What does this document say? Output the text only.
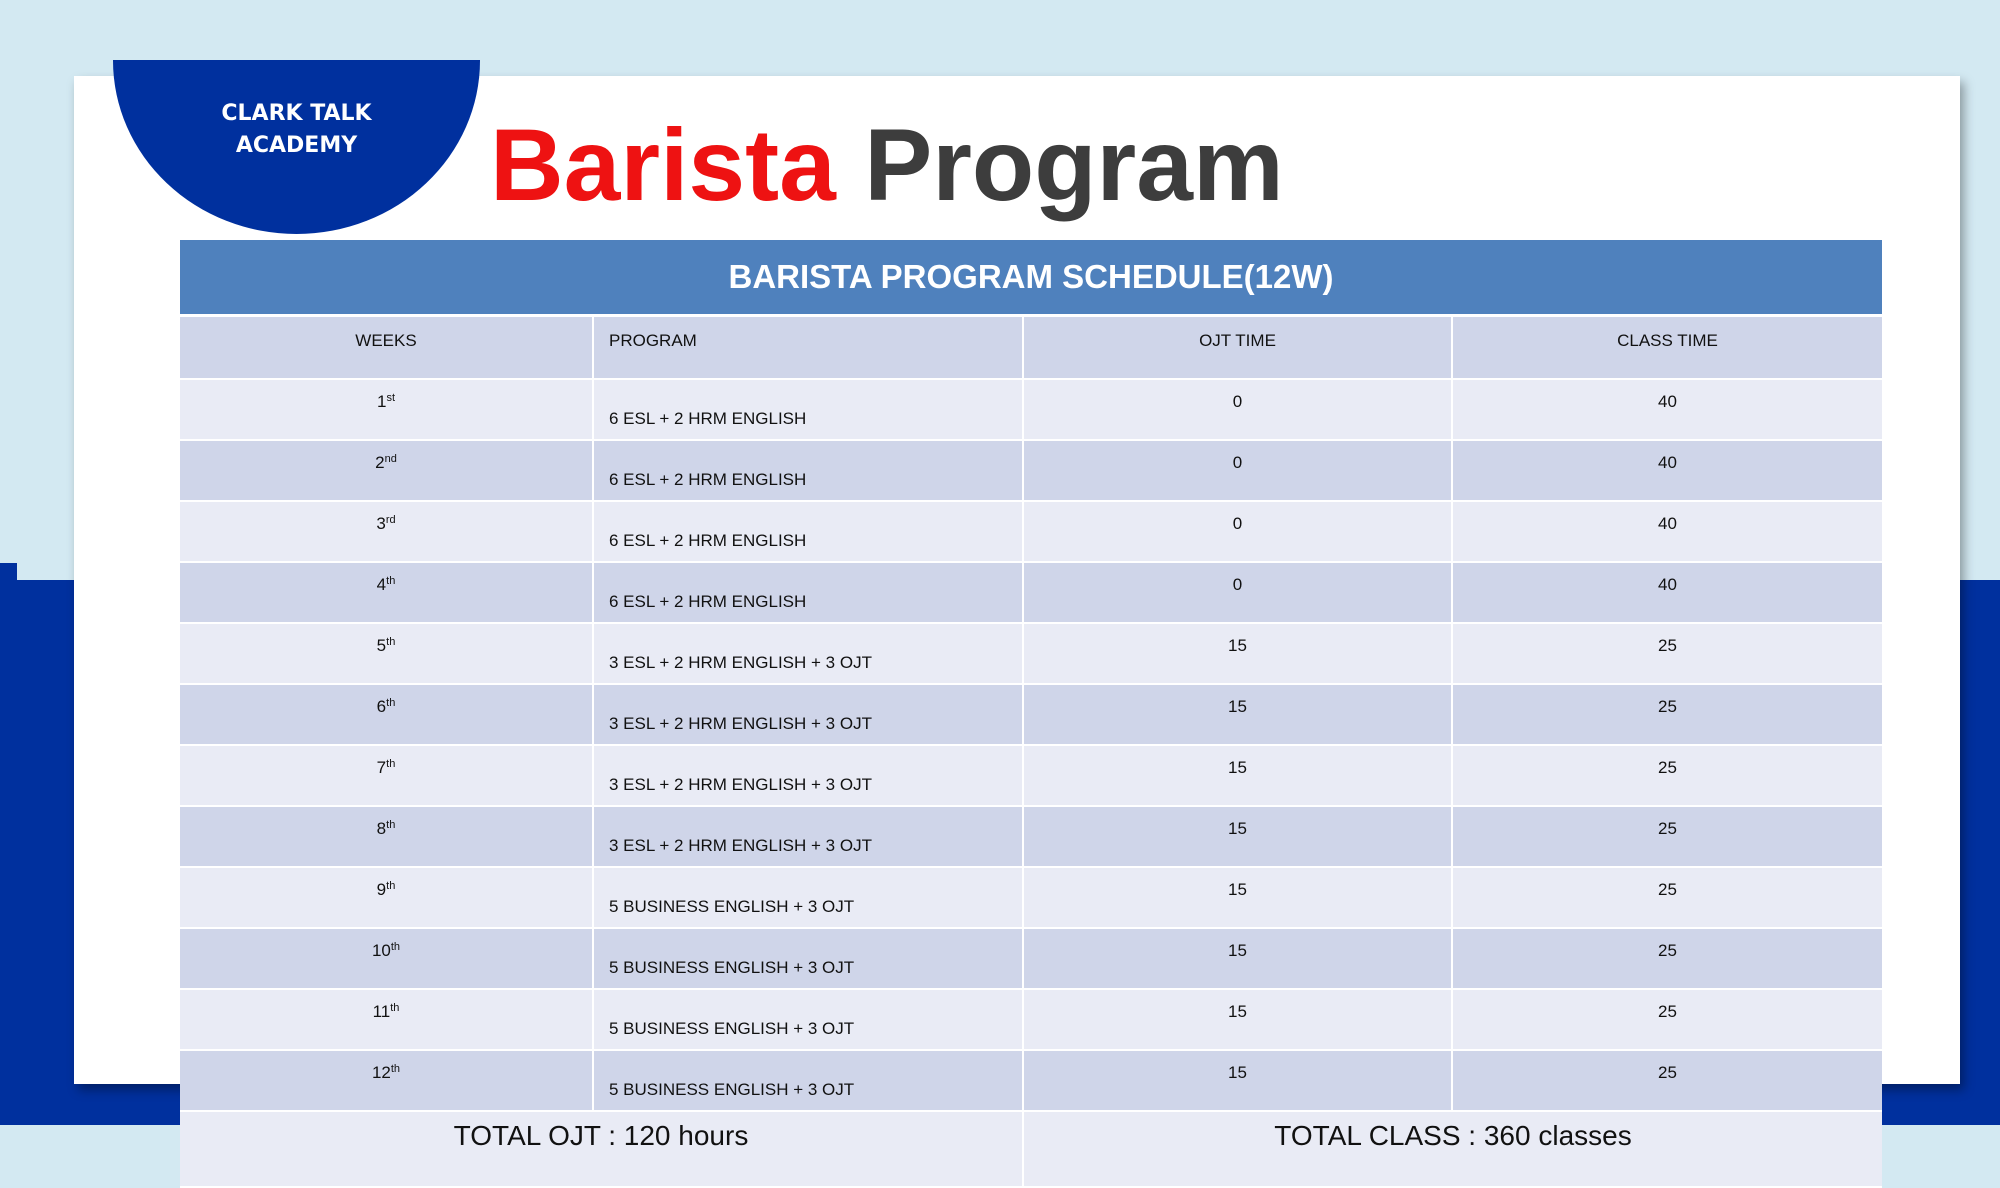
CLARK TALK
ACADEMY	Barista Program
BARISTA PROGRAM SCHEDULE(12W)			
WEEKS	PROGRAM	OJT TIME	CLASS TIME
1st	6 ESL + 2 HRM ENGLISH	0	40
2nd	6 ESL + 2 HRM ENGLISH	0	40
3rd	6 ESL + 2 HRM ENGLISH	0	40
4th	6 ESL + 2 HRM ENGLISH	0	40
5th	3 ESL + 2 HRM ENGLISH + 3 OJT	15	25
6th	3 ESL + 2 HRM ENGLISH + 3 OJT	15	25
7th	3 ESL + 2 HRM ENGLISH + 3 OJT	15	25
8th	3 ESL + 2 HRM ENGLISH + 3 OJT	15	25
9th	5 BUSINESS ENGLISH + 3 OJT	15	25
10th	5 BUSINESS ENGLISH + 3 OJT	15	25
11th	5 BUSINESS ENGLISH + 3 OJT	15	25
12th	5 BUSINESS ENGLISH + 3 OJT	15	25
TOTAL OJT : 120 hours		TOTAL CLASS : 360 classes	
